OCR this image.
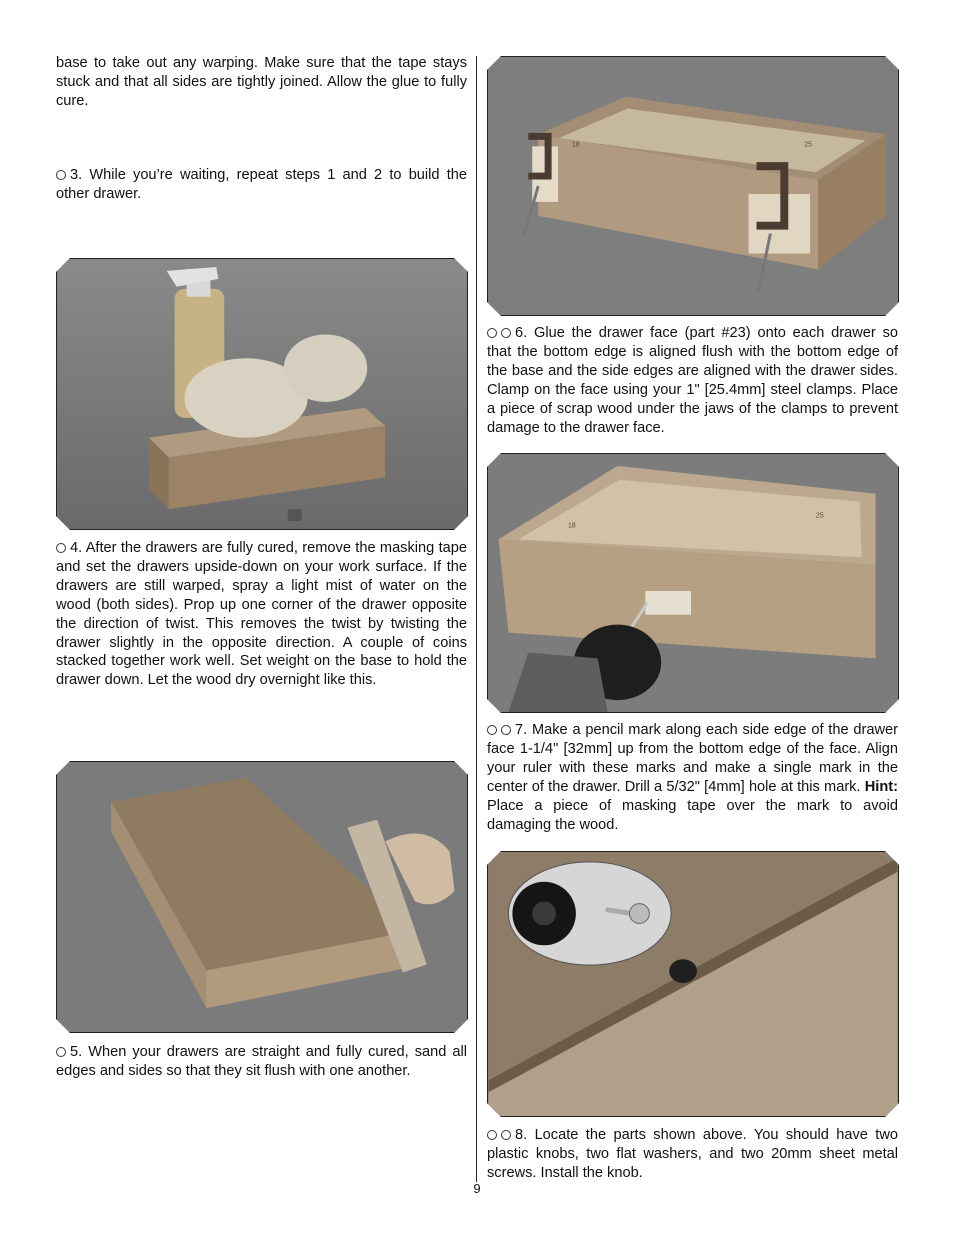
base to take out any warping. Make sure that the tape stays stuck and that all sides are tightly joined. Allow the glue to fully cure.

3. While you’re waiting, repeat steps 1 and 2 to build the other drawer.

4. After the drawers are fully cured, remove the masking tape and set the drawers upside-down on your work surface. If the drawers are still warped, spray a light mist of water on the wood (both sides). Prop up one corner of the drawer opposite the direction of twist. This removes the twist by twisting the drawer slightly in the opposite direction. A couple of coins stacked together work well. Set weight on the base to hold the drawer down. Let the wood dry overnight like this.

5. When your drawers are straight and fully cured, sand all edges and sides so that they sit flush with one another.

25
18

6. Glue the drawer face (part #23) onto each drawer so that the bottom edge is aligned flush with the bottom edge of the base and the side edges are aligned with the drawer sides. Clamp on the face using your 1" [25.4mm] steel clamps. Place a piece of scrap wood under the jaws of the clamps to prevent damage to the drawer face.

18
25

7. Make a pencil mark along each side edge of the drawer face 1-1/4" [32mm] up from the bottom edge of the face. Align your ruler with these marks and make a single mark in the center of the drawer. Drill a 5/32" [4mm] hole at this mark. Hint: Place a piece of masking tape over the mark to avoid damaging the wood.

8. Locate the parts shown above. You should have two plastic knobs, two flat washers, and two 20mm sheet metal screws. Install the knob.

9
